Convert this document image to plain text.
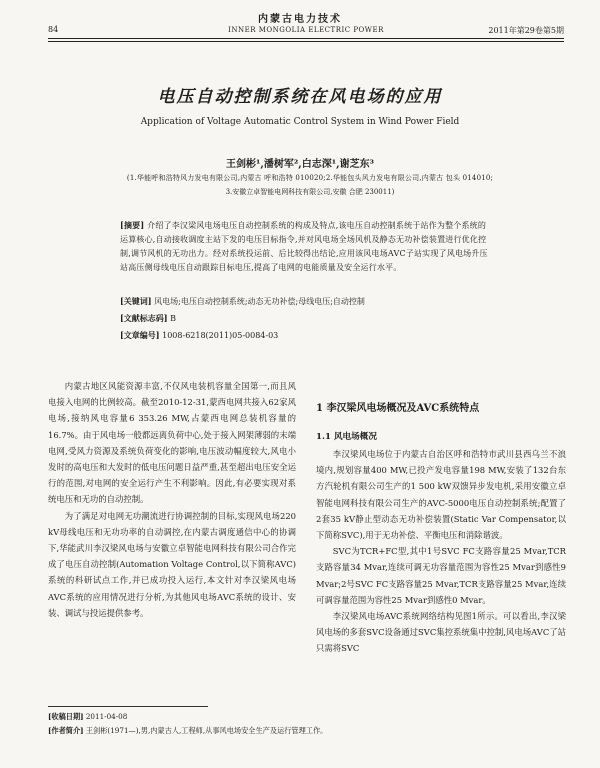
内蒙古电力技术
84	INNER MONGOLIA ELECTRIC POWER	2011年第29卷第5期
电压自动控制系统在风电场的应用
Application of Voltage Automatic Control System in Wind Power Field
王剑彬¹,潘树军²,白志深¹,谢芝东³
(1.华能呼和浩特风力发电有限公司,内蒙古 呼和浩特 010020;2.华能包头风力发电有限公司,内蒙古 包头 014010;
3.安徽立卓智能电网科技有限公司,安徽 合肥 230011)
[摘要] 介绍了李汉梁风电场电压自动控制系统的构成及特点,该电压自动控制系统于站作为整个系统的运算核心,自动接收调度主站下发的电压目标指令,并对风电场全场风机及静态无功补偿装置进行优化控制,调节风机的无功出力。经对系统投运前、后比较得出结论,应用该风电场AVC子站实现了风电场升压站高压侧母线电压自动跟踪目标电压,提高了电网的电能质量及安全运行水平。
[关键词] 风电场;电压自动控制系统;动态无功补偿;母线电压;自动控制
[文献标志码] B
[文章编号] 1008-6218(2011)05-0084-03

内蒙古地区风能资源丰富,不仅风电装机容量全国第一,而且风电接入电网的比例较高。截至2010-12-31,蒙西电网共接入62家风电场,接纳风电容量6 353.26 MW,占蒙西电网总装机容量的16.7%。由于风电场一般都远离负荷中心,处于接入网架薄弱的末端电网,受风力资源及系统负荷变化的影响,电压波动幅度较大,风电小发时的高电压和大发时的低电压问题日益严重,甚至超出电压安全运行的范围,对电网的安全运行产生不利影响。因此,有必要实现对系统电压和无功的自动控制。

为了满足对电网无功潮流进行协调控制的目标,实现风电场220 kV母线电压和无功功率的自动调控,在内蒙古调度通信中心的协调下,华能武川李汉梁风电场与安徽立卓智能电网科技有限公司合作完成了电压自动控制(Automation Voltage Control,以下简称AVC)系统的科研试点工作,并已成功投入运行,本文针对李汉梁风电场AVC系统的应用情况进行分析,为其他风电场AVC系统的设计、安装、调试与投运提供参考。

1 李汉梁风电场概况及AVC系统特点
1.1 风电场概况

李汉梁风电场位于内蒙古自治区呼和浩特市武川县西乌兰不浪境内,规划容量400 MW,已投产发电容量198 MW,安装了132台东方汽轮机有限公司生产的1 500 kW双馈异步发电机,采用安徽立卓智能电网科技有限公司生产的AVC-5000电压自动控制系统;配置了2套35 kV静止型动态无功补偿装置(Static Var Compensator,以下简称SVC),用于无功补偿、平衡电压和消除谐波。

SVC为TCR+FC型,其中1号SVC FC支路容量25 Mvar,TCR支路容量34 Mvar,连续可调无功容量范围为容性25 Mvar到感性9 Mvar;2号SVC FC支路容量25 Mvar,TCR支路容量25 Mvar,连续可调容量范围为容性25 Mvar到感性0 Mvar。

李汉梁风电场AVC系统网络结构见图1所示。可以看出,李汉梁风电场的多套SVC设备通过SVC集控系统集中控制,风电场AVC了站只需将SVC

[收稿日期] 2011-04-08
[作者简介] 王剑彬(1971—),男,内蒙古人,工程师,从事风电场安全生产及运行管理工作。
